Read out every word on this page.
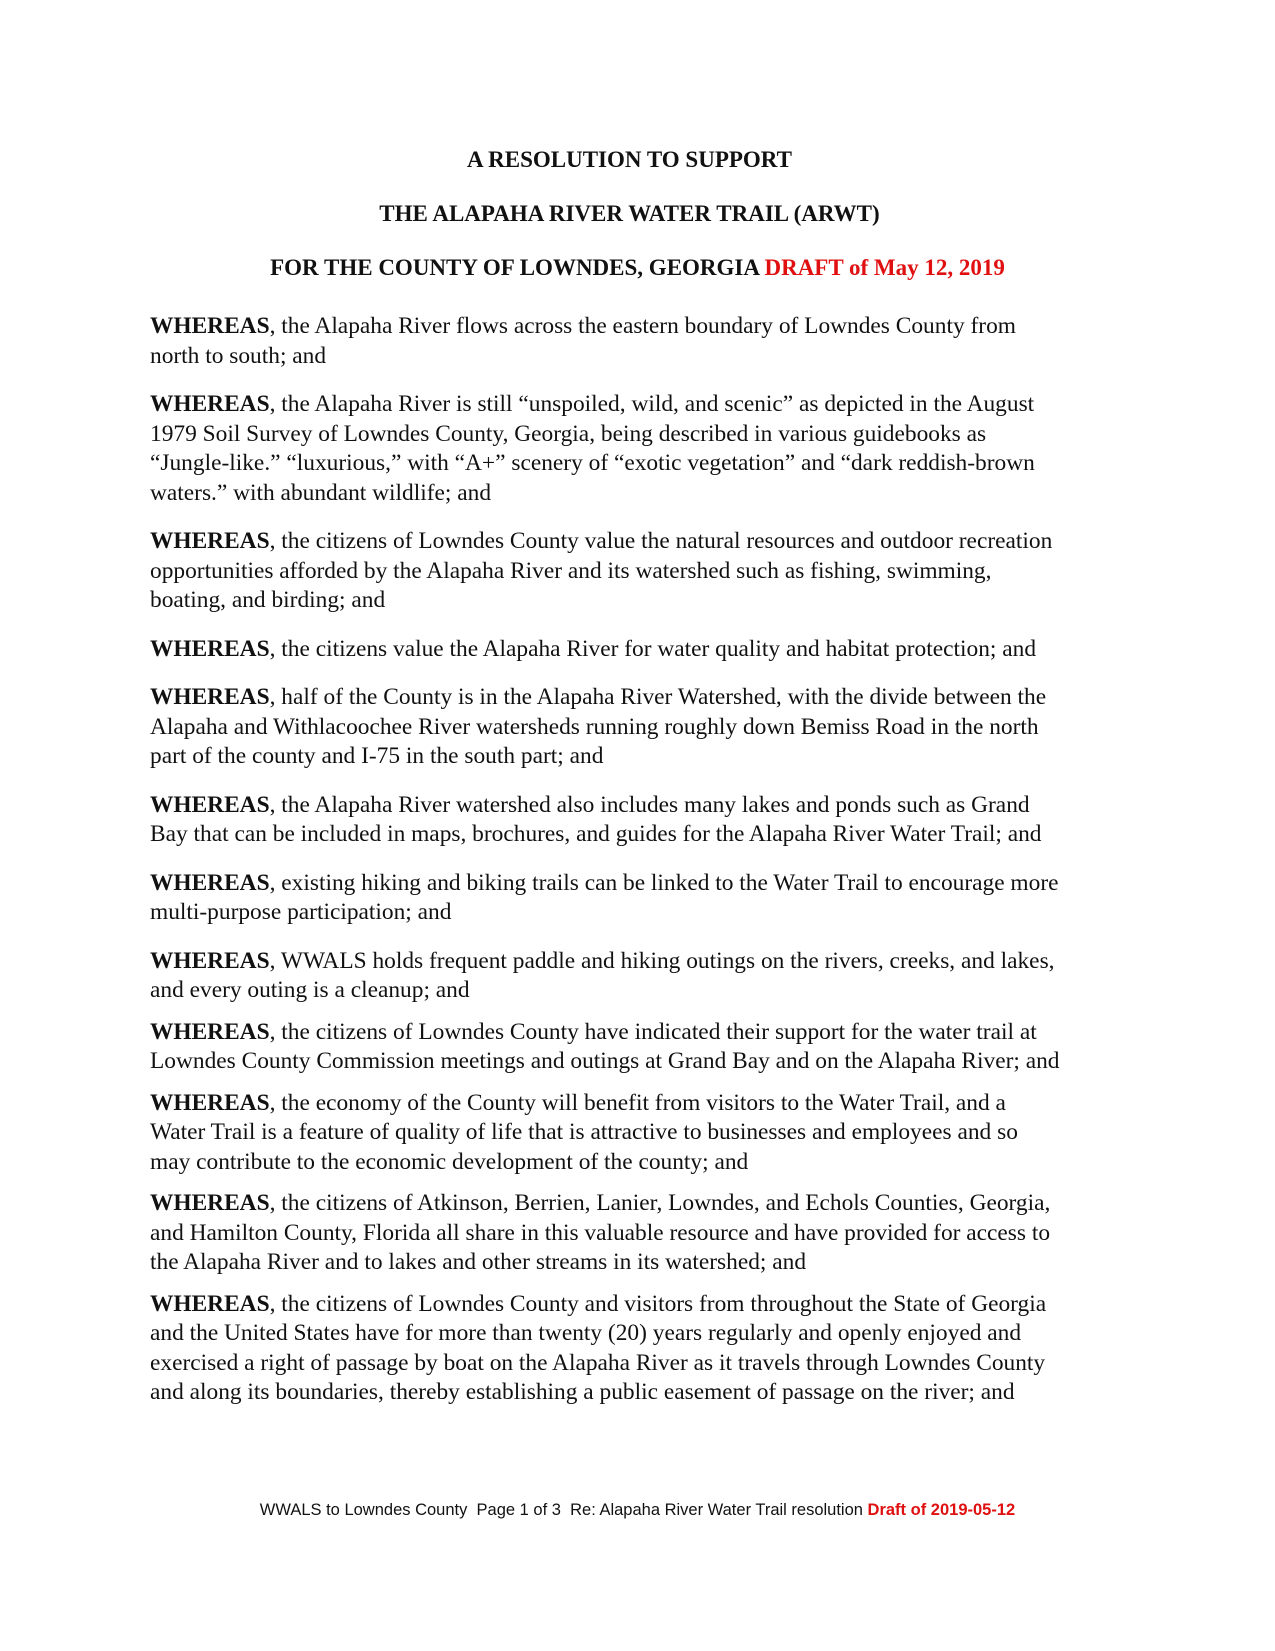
A RESOLUTION TO SUPPORT

THE ALAPAHA RIVER WATER TRAIL (ARWT)

FOR THE COUNTY OF LOWNDES, GEORGIA DRAFT of May 12, 2019

WHEREAS, the Alapaha River flows across the eastern boundary of Lowndes County from
north to south; and

WHEREAS, the Alapaha River is still “unspoiled, wild, and scenic” as depicted in the August
1979 Soil Survey of Lowndes County, Georgia, being described in various guidebooks as
“Jungle-like.” “luxurious,” with “A+” scenery of “exotic vegetation” and “dark reddish-brown
waters.” with abundant wildlife; and

WHEREAS, the citizens of Lowndes County value the natural resources and outdoor recreation
opportunities afforded by the Alapaha River and its watershed such as fishing, swimming,
boating, and birding; and

WHEREAS, the citizens value the Alapaha River for water quality and habitat protection; and

WHEREAS, half of the County is in the Alapaha River Watershed, with the divide between the
Alapaha and Withlacoochee River watersheds running roughly down Bemiss Road in the north
part of the county and I-75 in the south part; and

WHEREAS, the Alapaha River watershed also includes many lakes and ponds such as Grand
Bay that can be included in maps, brochures, and guides for the Alapaha River Water Trail; and

WHEREAS, existing hiking and biking trails can be linked to the Water Trail to encourage more
multi-purpose participation; and

WHEREAS, WWALS holds frequent paddle and hiking outings on the rivers, creeks, and lakes,
and every outing is a cleanup; and

WHEREAS, the citizens of Lowndes County have indicated their support for the water trail at
Lowndes County Commission meetings and outings at Grand Bay and on the Alapaha River; and

WHEREAS, the economy of the County will benefit from visitors to the Water Trail, and a
Water Trail is a feature of quality of life that is attractive to businesses and employees and so
may contribute to the economic development of the county; and

WHEREAS, the citizens of Atkinson, Berrien, Lanier, Lowndes, and Echols Counties, Georgia,
and Hamilton County, Florida all share in this valuable resource and have provided for access to
the Alapaha River and to lakes and other streams in its watershed; and

WHEREAS, the citizens of Lowndes County and visitors from throughout the State of Georgia
and the United States have for more than twenty (20) years regularly and openly enjoyed and
exercised a right of passage by boat on the Alapaha River as it travels through Lowndes County
and along its boundaries, thereby establishing a public easement of passage on the river; and

WWALS to Lowndes County  Page 1 of 3  Re: Alapaha River Water Trail resolution Draft of 2019-05-12
